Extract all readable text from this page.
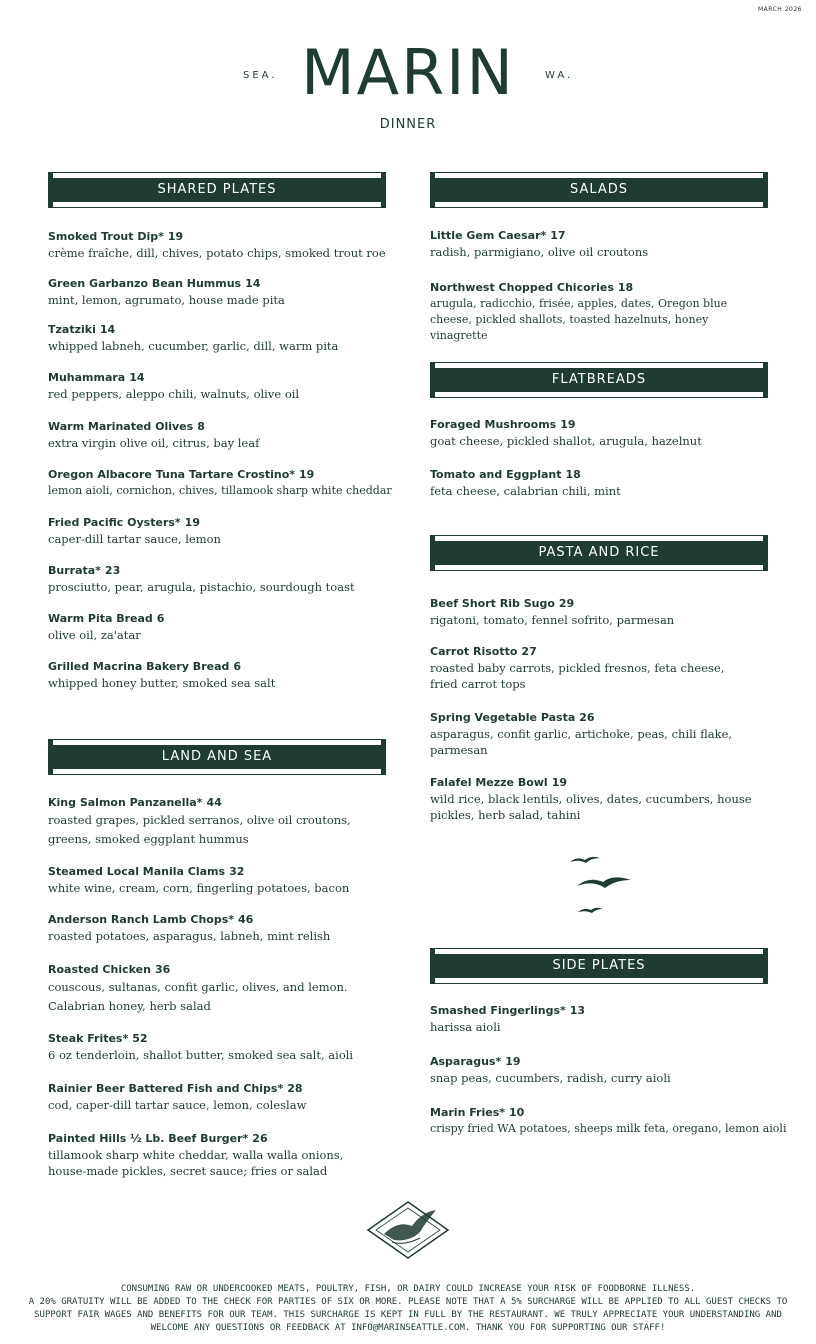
MARCH 2026
SEA. MARIN	WA.
DINNER
SHARED PLATES
LAND AND SEA
SALADS
FLATBREADS
PASTA AND RICE
SIDE PLATES
Smoked Trout Dip* 19
crème fraîche, dill, chives, potato chips, smoked trout roe
Green Garbanzo Bean Hummus 14
mint, lemon, agrumato, house made pita
Tzatziki 14
whipped labneh, cucumber, garlic, dill, warm pita
Muhammara 14
red peppers, aleppo chili, walnuts, olive oil
Warm Marinated Olives 8
extra virgin olive oil, citrus, bay leaf
Oregon Albacore Tuna Tartare Crostino* 19
lemon aioli, cornichon, chives, tillamook sharp white cheddar
Fried Pacific Oysters* 19
caper-dill tartar sauce, lemon
Burrata* 23
prosciutto, pear, arugula, pistachio, sourdough toast
Warm Pita Bread 6
olive oil, za'atar
Grilled Macrina Bakery Bread 6
whipped honey butter, smoked sea salt
King Salmon Panzanella* 44
roasted grapes, pickled serranos, olive oil croutons, greens, smoked eggplant hummus
Steamed Local Manila Clams 32
white wine, cream, corn, fingerling potatoes, bacon
Anderson Ranch Lamb Chops* 46
roasted potatoes, asparagus, labneh, mint relish
Roasted Chicken 36
couscous, sultanas, confit garlic, olives, and lemon. Calabrian honey, herb salad
Steak Frites* 52
6 oz tenderloin, shallot butter, smoked sea salt, aioli
Rainier Beer Battered Fish and Chips* 28
cod, caper-dill tartar sauce, lemon, coleslaw
Painted Hills ½ Lb. Beef Burger* 26
tillamook sharp white cheddar, walla walla onions, house-made pickles, secret sauce; fries or salad
Little Gem Caesar* 17
radish, parmigiano, olive oil croutons
Northwest Chopped Chicories 18
arugula, radicchio, frisée, apples, dates, Oregon blue cheese, pickled shallots, toasted hazelnuts, honey vinagrette
Foraged Mushrooms 19
goat cheese, pickled shallot, arugula, hazelnut
Tomato and Eggplant 18
feta cheese, calabrian chili, mint
Beef Short Rib Sugo 29
rigatoni, tomato, fennel sofrito, parmesan
Carrot Risotto 27
roasted baby carrots, pickled fresnos, feta cheese, fried carrot tops
Spring Vegetable Pasta 26
asparagus, confit garlic, artichoke, peas, chili flake, parmesan
Falafel Mezze Bowl 19
wild rice, black lentils, olives, dates, cucumbers, house pickles, herb salad, tahini
Smashed Fingerlings* 13
harissa aioli
Asparagus* 19
snap peas, cucumbers, radish, curry aioli
Marin Fries* 10
crispy fried WA potatoes, sheeps milk feta, oregano, lemon aioli
CONSUMING RAW OR UNDERCOOKED MEATS, POULTRY, FISH, OR DAIRY COULD INCREASE YOUR RISK OF FOODBORNE ILLNESS.
A 20% GRATUITY WILL BE ADDED TO THE CHECK FOR PARTIES OF SIX OR MORE. PLEASE NOTE THAT A 5% SURCHARGE WILL BE APPLIED TO ALL GUEST CHECKS TO SUPPORT FAIR WAGES AND BENEFITS FOR OUR TEAM. THIS SURCHARGE IS KEPT IN FULL BY THE RESTAURANT. WE TRULY APPRECIATE YOUR UNDERSTANDING AND WELCOME ANY QUESTIONS OR FEEDBACK AT INFO@MARINSEATTLE.COM. THANK YOU FOR SUPPORTING OUR STAFF!
